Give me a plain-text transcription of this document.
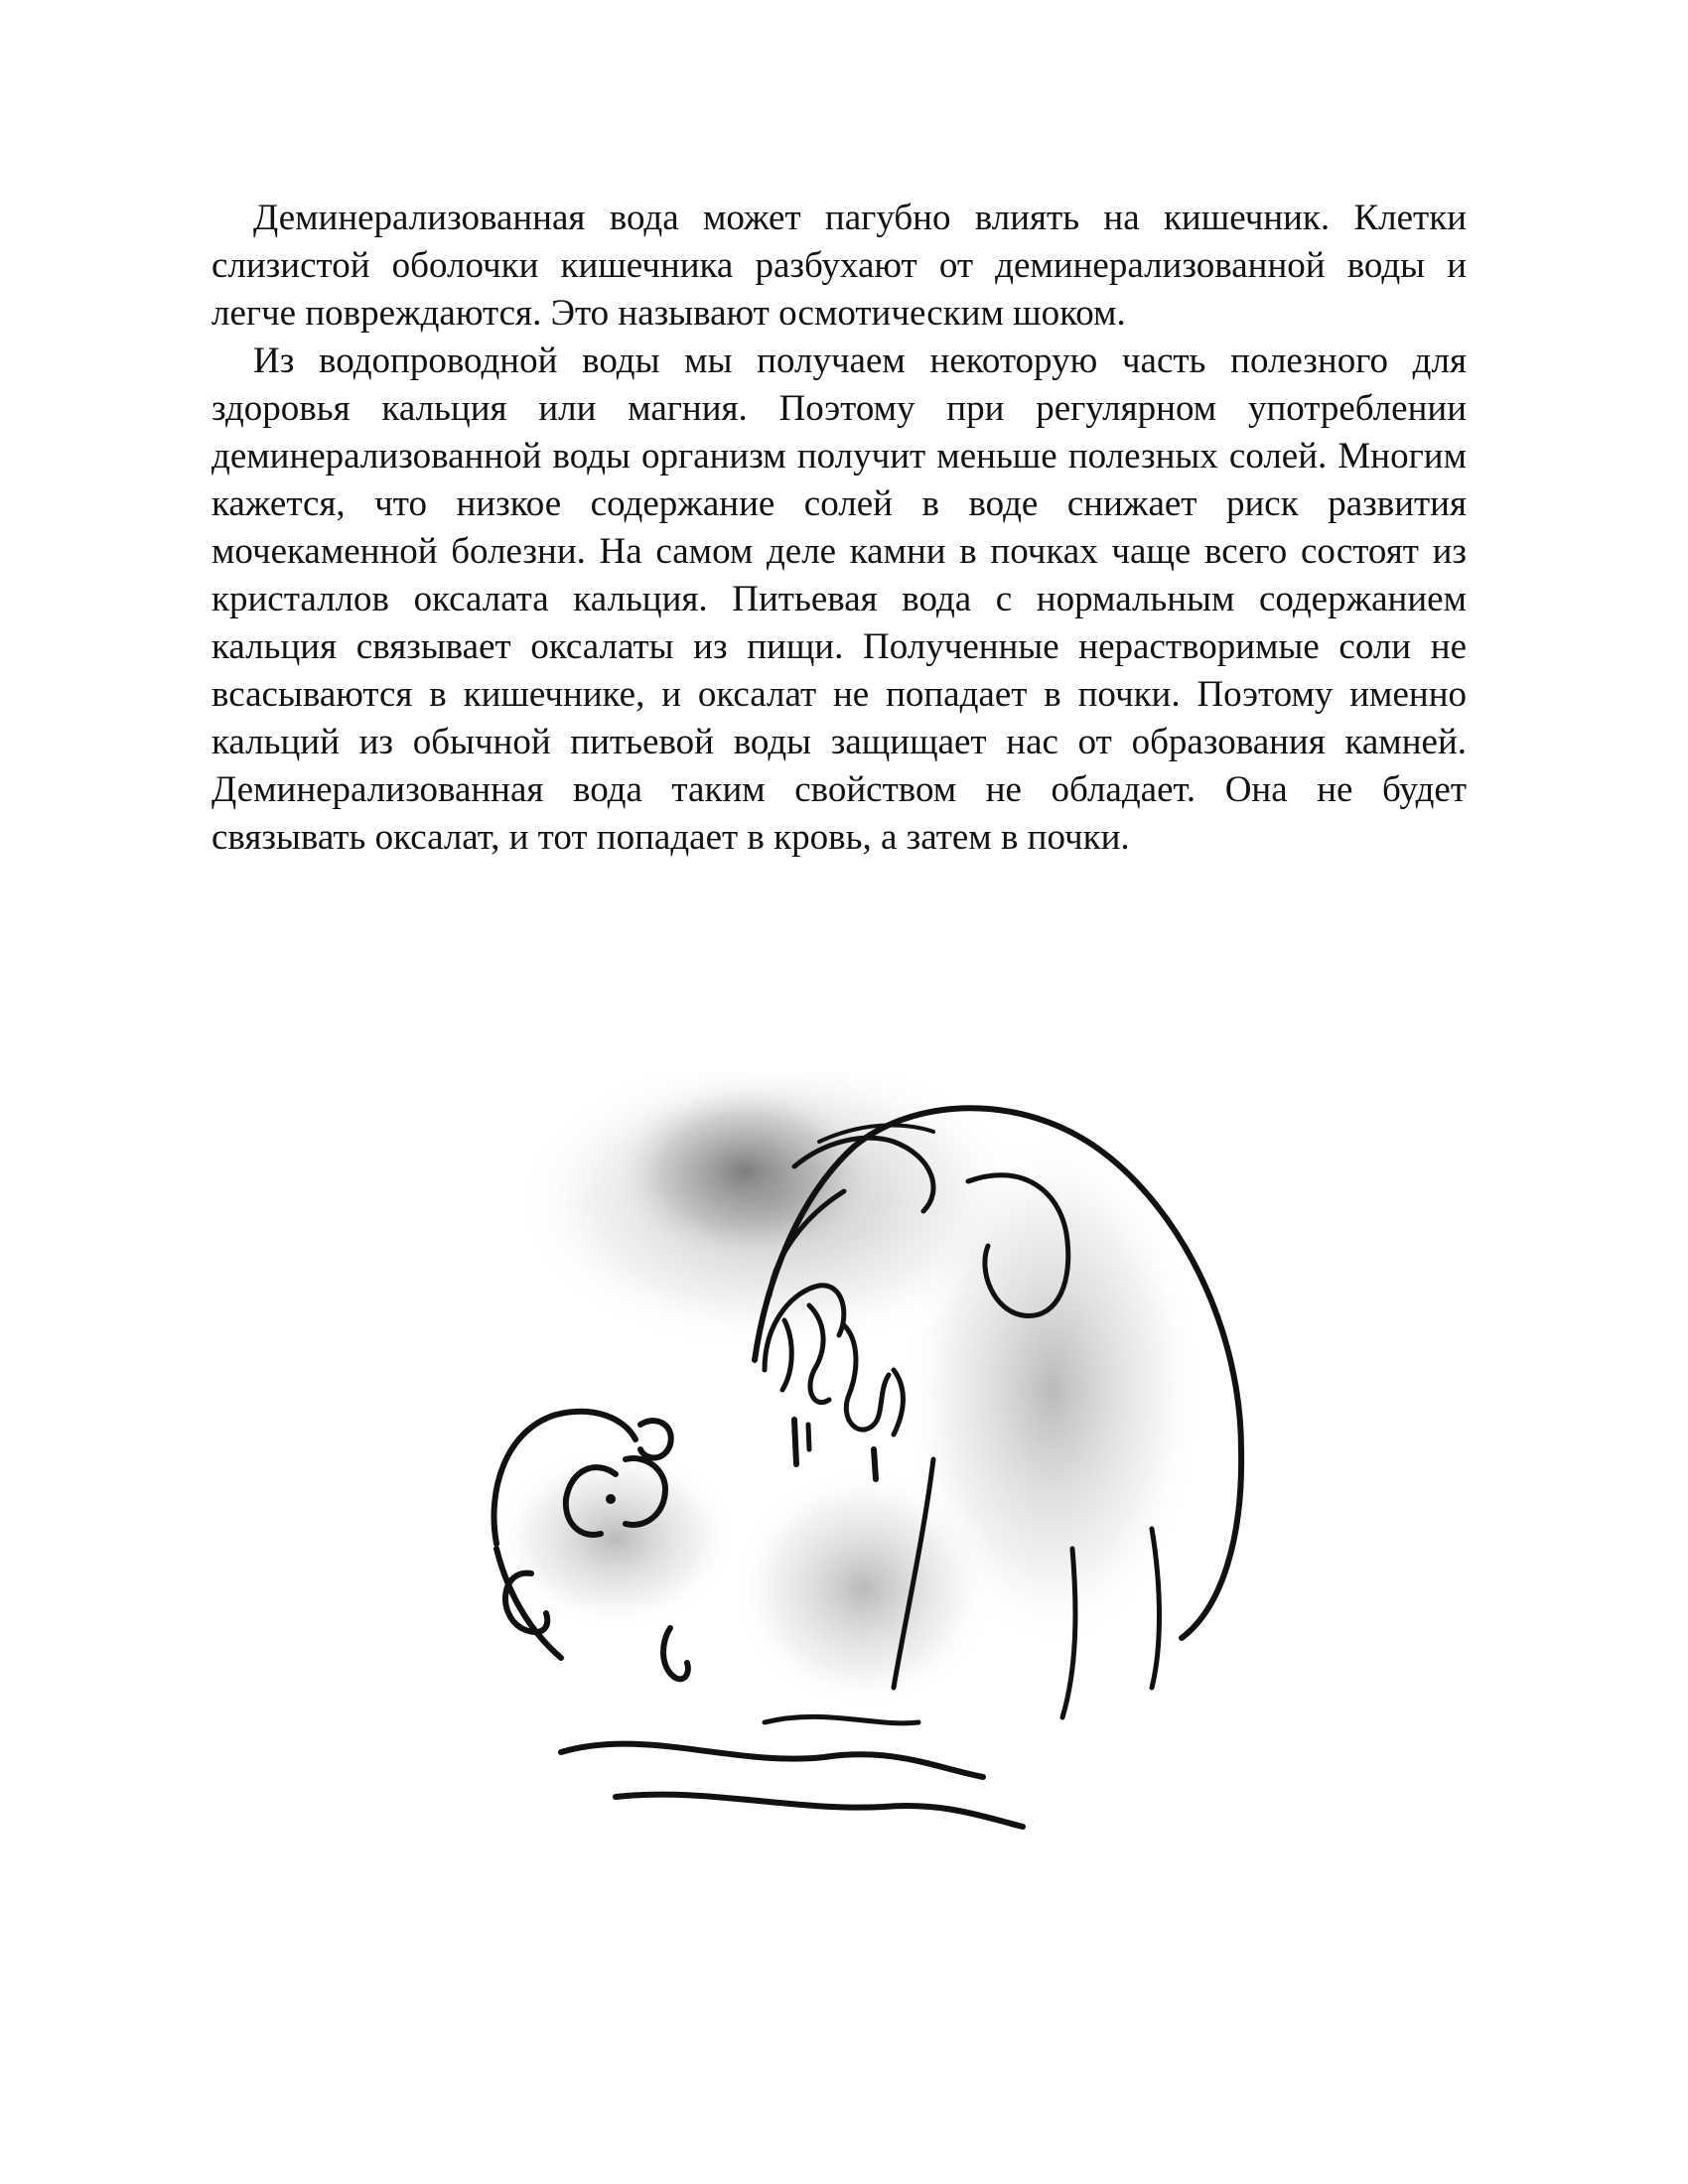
Деминерализованная вода может пагубно влиять на кишечник. Клетки слизистой оболочки кишечника разбухают от деминерализованной воды и легче повреждаются. Это называют осмотическим шоком.

Из водопроводной воды мы получаем некоторую часть полезного для здоровья кальция или магния. Поэтому при регулярном употреблении деминерализованной воды организм получит меньше полезных солей. Многим кажется, что низкое содержание солей в воде снижает риск развития мочекаменной болезни. На самом деле камни в почках чаще всего состоят из кристаллов оксалата кальция. Питьевая вода с нормальным содержанием кальция связывает оксалаты из пищи. Полученные нерастворимые соли не всасываются в кишечнике, и оксалат не попадает в почки. Поэтому именно кальций из обычной питьевой воды защищает нас от образования камней. Деминерализованная вода таким свойством не обладает. Она не будет связывать оксалат, и тот попадает в кровь, а затем в почки.
